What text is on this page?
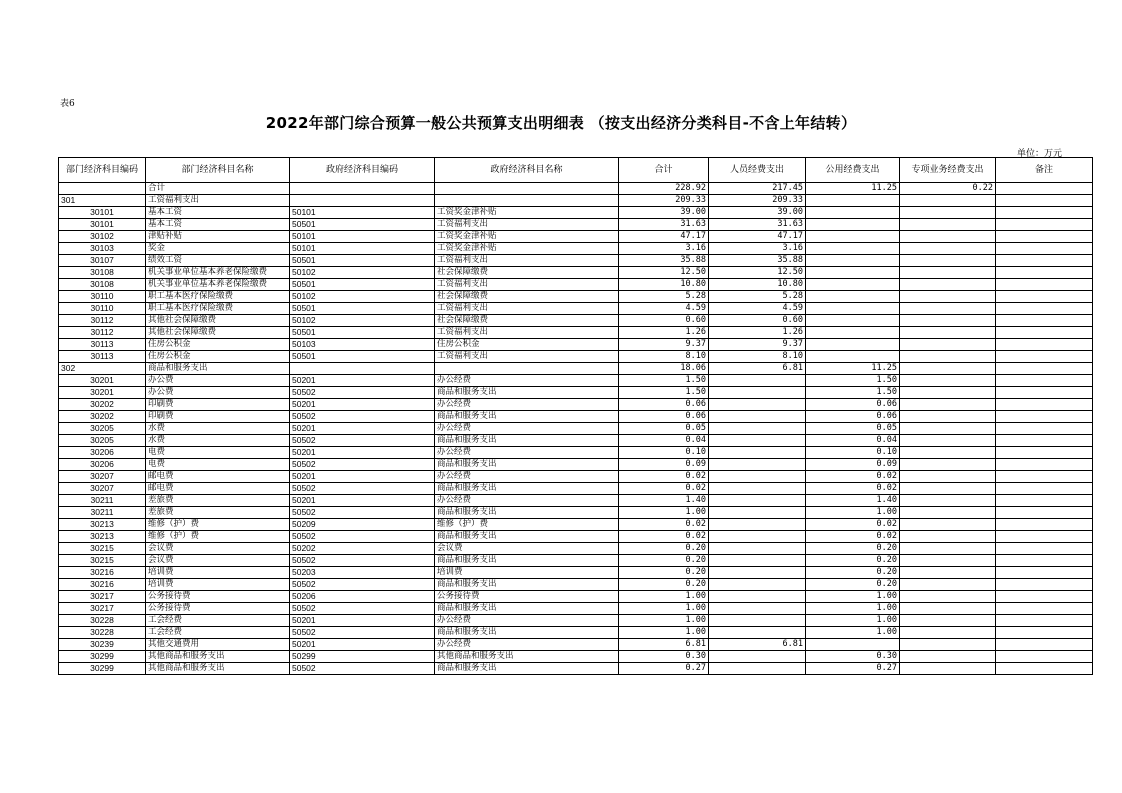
表6
2022年部门综合预算一般公共预算支出明细表 （按支出经济分类科目-不含上年结转）
单位：万元
部门经济科目编码	部门经济科目名称	政府经济科目编码	政府经济科目名称	合计	人员经费支出	公用经费支出	专项业务经费支出	备注
	合计			228.92	217.45	11.25	0.22	
301	工资福利支出			209.33	209.33			
30101	基本工资	50101	工资奖金津补贴	39.00	39.00			
30101	基本工资	50501	工资福利支出	31.63	31.63			
30102	津贴补贴	50101	工资奖金津补贴	47.17	47.17			
30103	奖金	50101	工资奖金津补贴	3.16	3.16			
30107	绩效工资	50501	工资福利支出	35.88	35.88			
30108	机关事业单位基本养老保险缴费	50102	社会保障缴费	12.50	12.50			
30108	机关事业单位基本养老保险缴费	50501	工资福利支出	10.80	10.80			
30110	职工基本医疗保险缴费	50102	社会保障缴费	5.28	5.28			
30110	职工基本医疗保险缴费	50501	工资福利支出	4.59	4.59			
30112	其他社会保障缴费	50102	社会保障缴费	0.60	0.60			
30112	其他社会保障缴费	50501	工资福利支出	1.26	1.26			
30113	住房公积金	50103	住房公积金	9.37	9.37			
30113	住房公积金	50501	工资福利支出	8.10	8.10			
302	商品和服务支出			18.06	6.81	11.25		
30201	办公费	50201	办公经费	1.50		1.50		
30201	办公费	50502	商品和服务支出	1.50		1.50		
30202	印刷费	50201	办公经费	0.06		0.06		
30202	印刷费	50502	商品和服务支出	0.06		0.06		
30205	水费	50201	办公经费	0.05		0.05		
30205	水费	50502	商品和服务支出	0.04		0.04		
30206	电费	50201	办公经费	0.10		0.10		
30206	电费	50502	商品和服务支出	0.09		0.09		
30207	邮电费	50201	办公经费	0.02		0.02		
30207	邮电费	50502	商品和服务支出	0.02		0.02		
30211	差旅费	50201	办公经费	1.40		1.40		
30211	差旅费	50502	商品和服务支出	1.00		1.00		
30213	维修（护）费	50209	维修（护）费	0.02		0.02		
30213	维修（护）费	50502	商品和服务支出	0.02		0.02		
30215	会议费	50202	会议费	0.20		0.20		
30215	会议费	50502	商品和服务支出	0.20		0.20		
30216	培训费	50203	培训费	0.20		0.20		
30216	培训费	50502	商品和服务支出	0.20		0.20		
30217	公务接待费	50206	公务接待费	1.00		1.00		
30217	公务接待费	50502	商品和服务支出	1.00		1.00		
30228	工会经费	50201	办公经费	1.00		1.00		
30228	工会经费	50502	商品和服务支出	1.00		1.00		
30239	其他交通费用	50201	办公经费	6.81	6.81			
30299	其他商品和服务支出	50299	其他商品和服务支出	0.30		0.30		
30299	其他商品和服务支出	50502	商品和服务支出	0.27		0.27		
